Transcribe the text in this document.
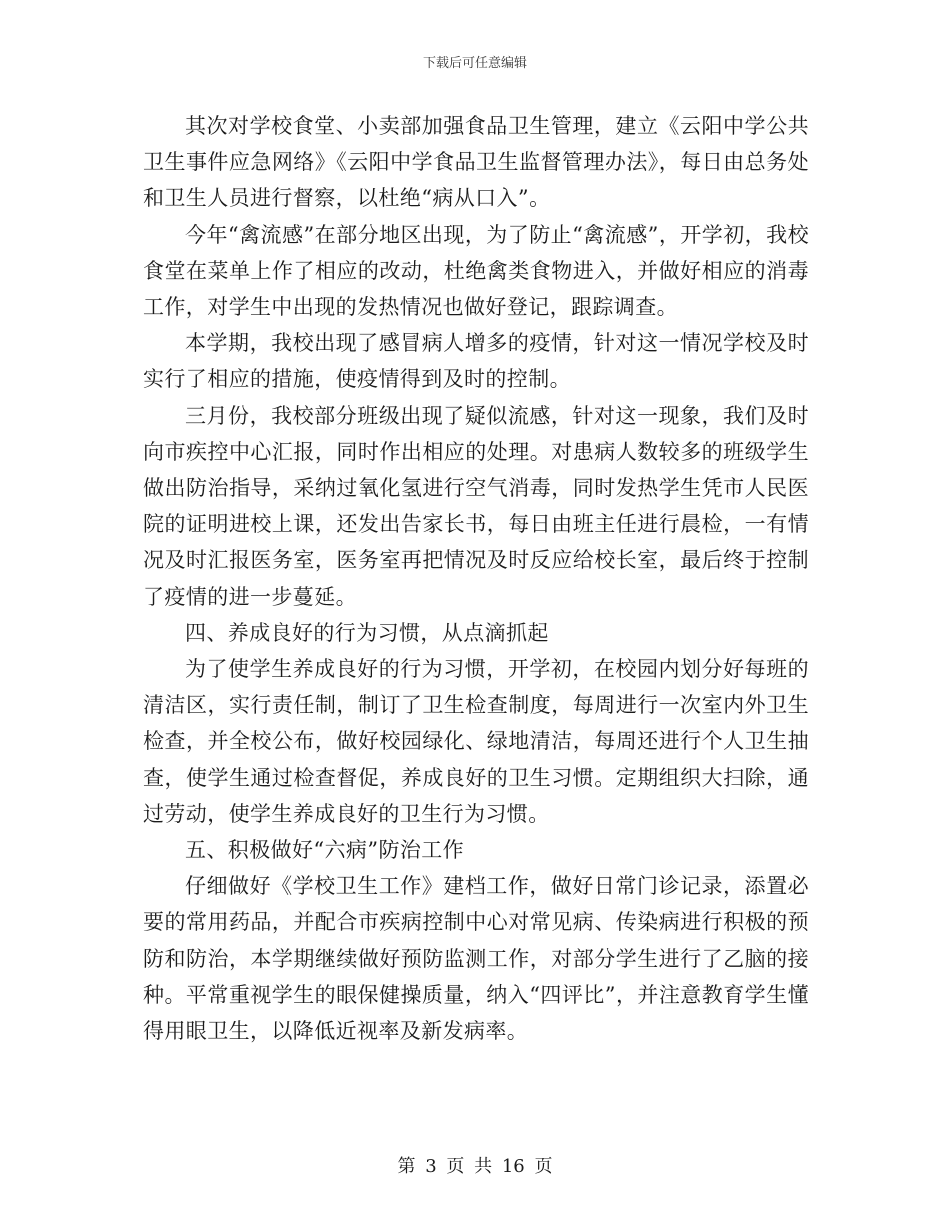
下载后可任意编辑

其次对学校食堂、小卖部加强食品卫生管理，建立《云阳中学公共卫生事件应急网络》《云阳中学食品卫生监督管理办法》，每日由总务处和卫生人员进行督察，以杜绝“病从口入”。

今年“禽流感”在部分地区出现，为了防止“禽流感”，开学初，我校食堂在菜单上作了相应的改动，杜绝禽类食物进入，并做好相应的消毒工作，对学生中出现的发热情况也做好登记，跟踪调查。

本学期，我校出现了感冒病人增多的疫情，针对这一情况学校及时实行了相应的措施，使疫情得到及时的控制。

三月份，我校部分班级出现了疑似流感，针对这一现象，我们及时向市疾控中心汇报，同时作出相应的处理。对患病人数较多的班级学生做出防治指导，采纳过氧化氢进行空气消毒，同时发热学生凭市人民医院的证明进校上课，还发出告家长书，每日由班主任进行晨检，一有情况及时汇报医务室，医务室再把情况及时反应给校长室，最后终于控制了疫情的进一步蔓延。

四、养成良好的行为习惯，从点滴抓起

为了使学生养成良好的行为习惯，开学初，在校园内划分好每班的清洁区，实行责任制，制订了卫生检查制度，每周进行一次室内外卫生检查，并全校公布，做好校园绿化、绿地清洁，每周还进行个人卫生抽查，使学生通过检查督促，养成良好的卫生习惯。定期组织大扫除，通过劳动，使学生养成良好的卫生行为习惯。

五、积极做好“六病”防治工作

仔细做好《学校卫生工作》建档工作，做好日常门诊记录，添置必要的常用药品，并配合市疾病控制中心对常见病、传染病进行积极的预防和防治，本学期继续做好预防监测工作，对部分学生进行了乙脑的接种。平常重视学生的眼保健操质量，纳入“四评比”，并注意教育学生懂得用眼卫生，以降低近视率及新发病率。

第 3 页 共 16 页
